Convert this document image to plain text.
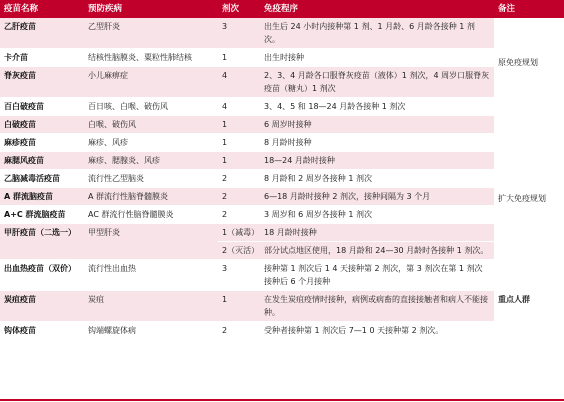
疫苗名称	预防疾病	剂次	免疫程序	备注
乙肝疫苗	乙型肝炎	3	出生后 24 小时内接种第 1 剂、1 月龄、6 月龄各接种 1 剂次。	原免疫规划

卡介苗	结核性脑膜炎、粟粒性肺结核	1	出生时接种	
脊灰疫苗	小儿麻痹症	4	2、3、4 月龄各口服脊灰疫苗（液体）1 剂次，4 周岁口服脊灰疫苗（糖丸）1 剂次	
百白破疫苗	百日咳、白喉、破伤风	4	3、4、5 和 18—24 月龄各接种 1 剂次	
白破疫苗	白喉、破伤风	1	6 周岁时接种	
麻疹疫苗	麻疹、风疹	1	8 月龄时接种	
麻腮风疫苗	麻疹、腮腺炎、风疹	1	18—24 月龄时接种	
乙脑减毒活疫苗	流行性乙型脑炎	2	8 月龄和 2 周岁各接种 1 剂次	
A 群流脑疫苗	A 群流行性脑脊髓膜炎	2	6—18 月龄时接种 2 剂次，接种间隔为 3 个月	扩大免疫规划

A+C 群流脑疫苗	AC 群流行性脑脊髓膜炎	2	3 周岁和 6 周岁各接种 1 剂次	
甲肝疫苗（二选一）	甲型肝炎	1（减毒）	18 月龄时接种	
		2（灭活）	部分试点地区使用，18 月龄和 24—30 月龄时各接种 1 剂次。	
出血热疫苗（双价）	流行性出血热	3	接种第 1 剂次后 1 4 天接种第 2 剂次，第 3 剂次在第 1 剂次接种后 6 个月接种	
炭疽疫苗	炭疽	1	在发生炭疽疫情时接种，病例或病畜的直接接触者和病人不能接种。	重点人群

钩体疫苗	钩端螺旋体病	2	受种者接种第 1 剂次后 7—1 0 天接种第 2 剂次。	
